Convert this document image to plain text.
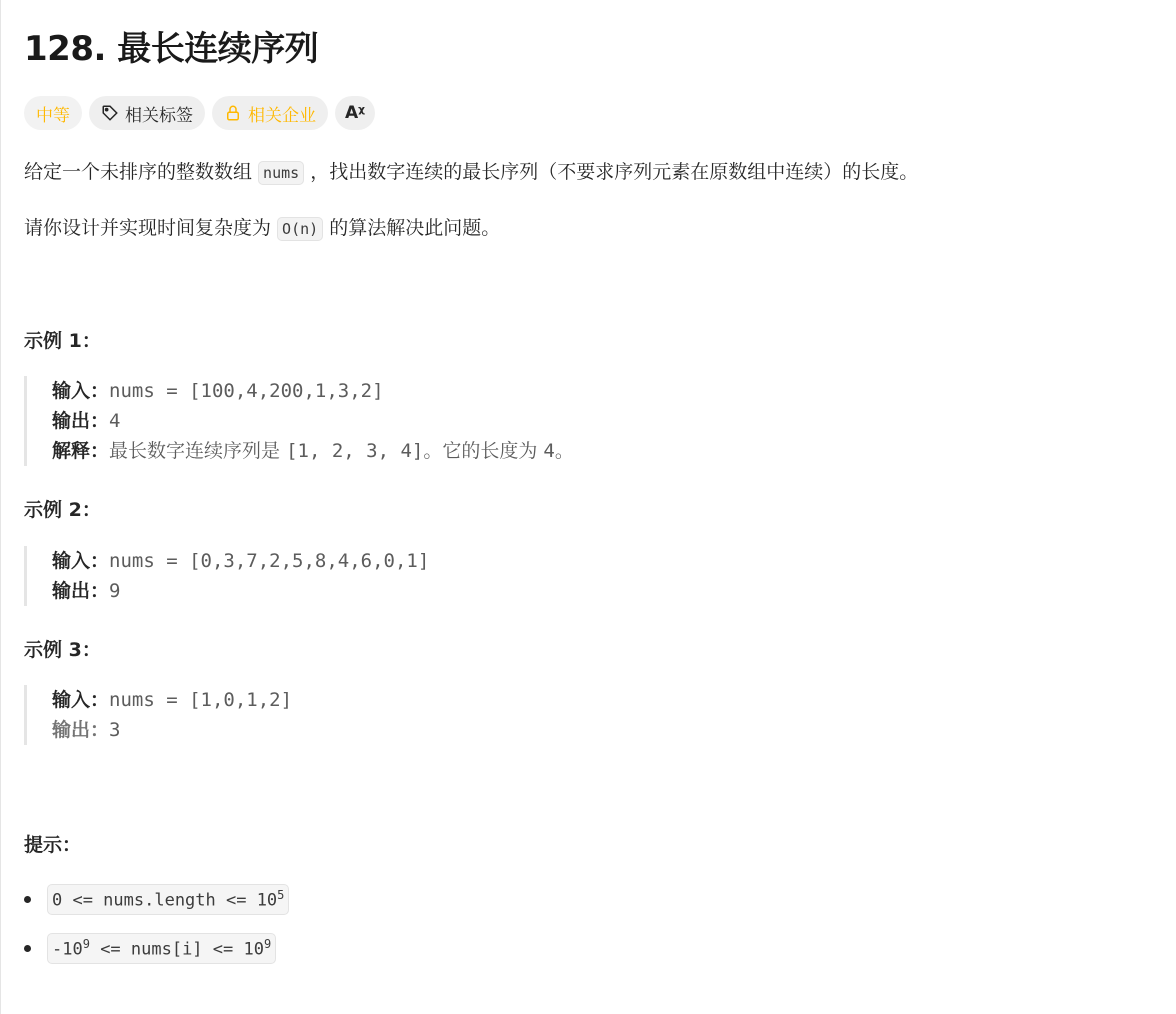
128. 最长连续序列
中等	相关标签	相关企业 Aᵡ
给定一个未排序的整数数组 nums ，找出数字连续的最长序列（不要求序列元素在原数组中连续）的长度。
请你设计并实现时间复杂度为 O(n) 的算法解决此问题。
示例 1：
输入：nums = [100,4,200,1,3,2]
输出：4
解释：最长数字连续序列是 [1, 2, 3, 4]。它的长度为 4。
示例 2：
输入：nums = [0,3,7,2,5,8,4,6,0,1]
输出：9
示例 3：
输入：nums = [1,0,1,2]
输出：3
提示：
0 <= nums.length <= $10^5$
$-10^9$ <= nums[i] <= $10^9$
